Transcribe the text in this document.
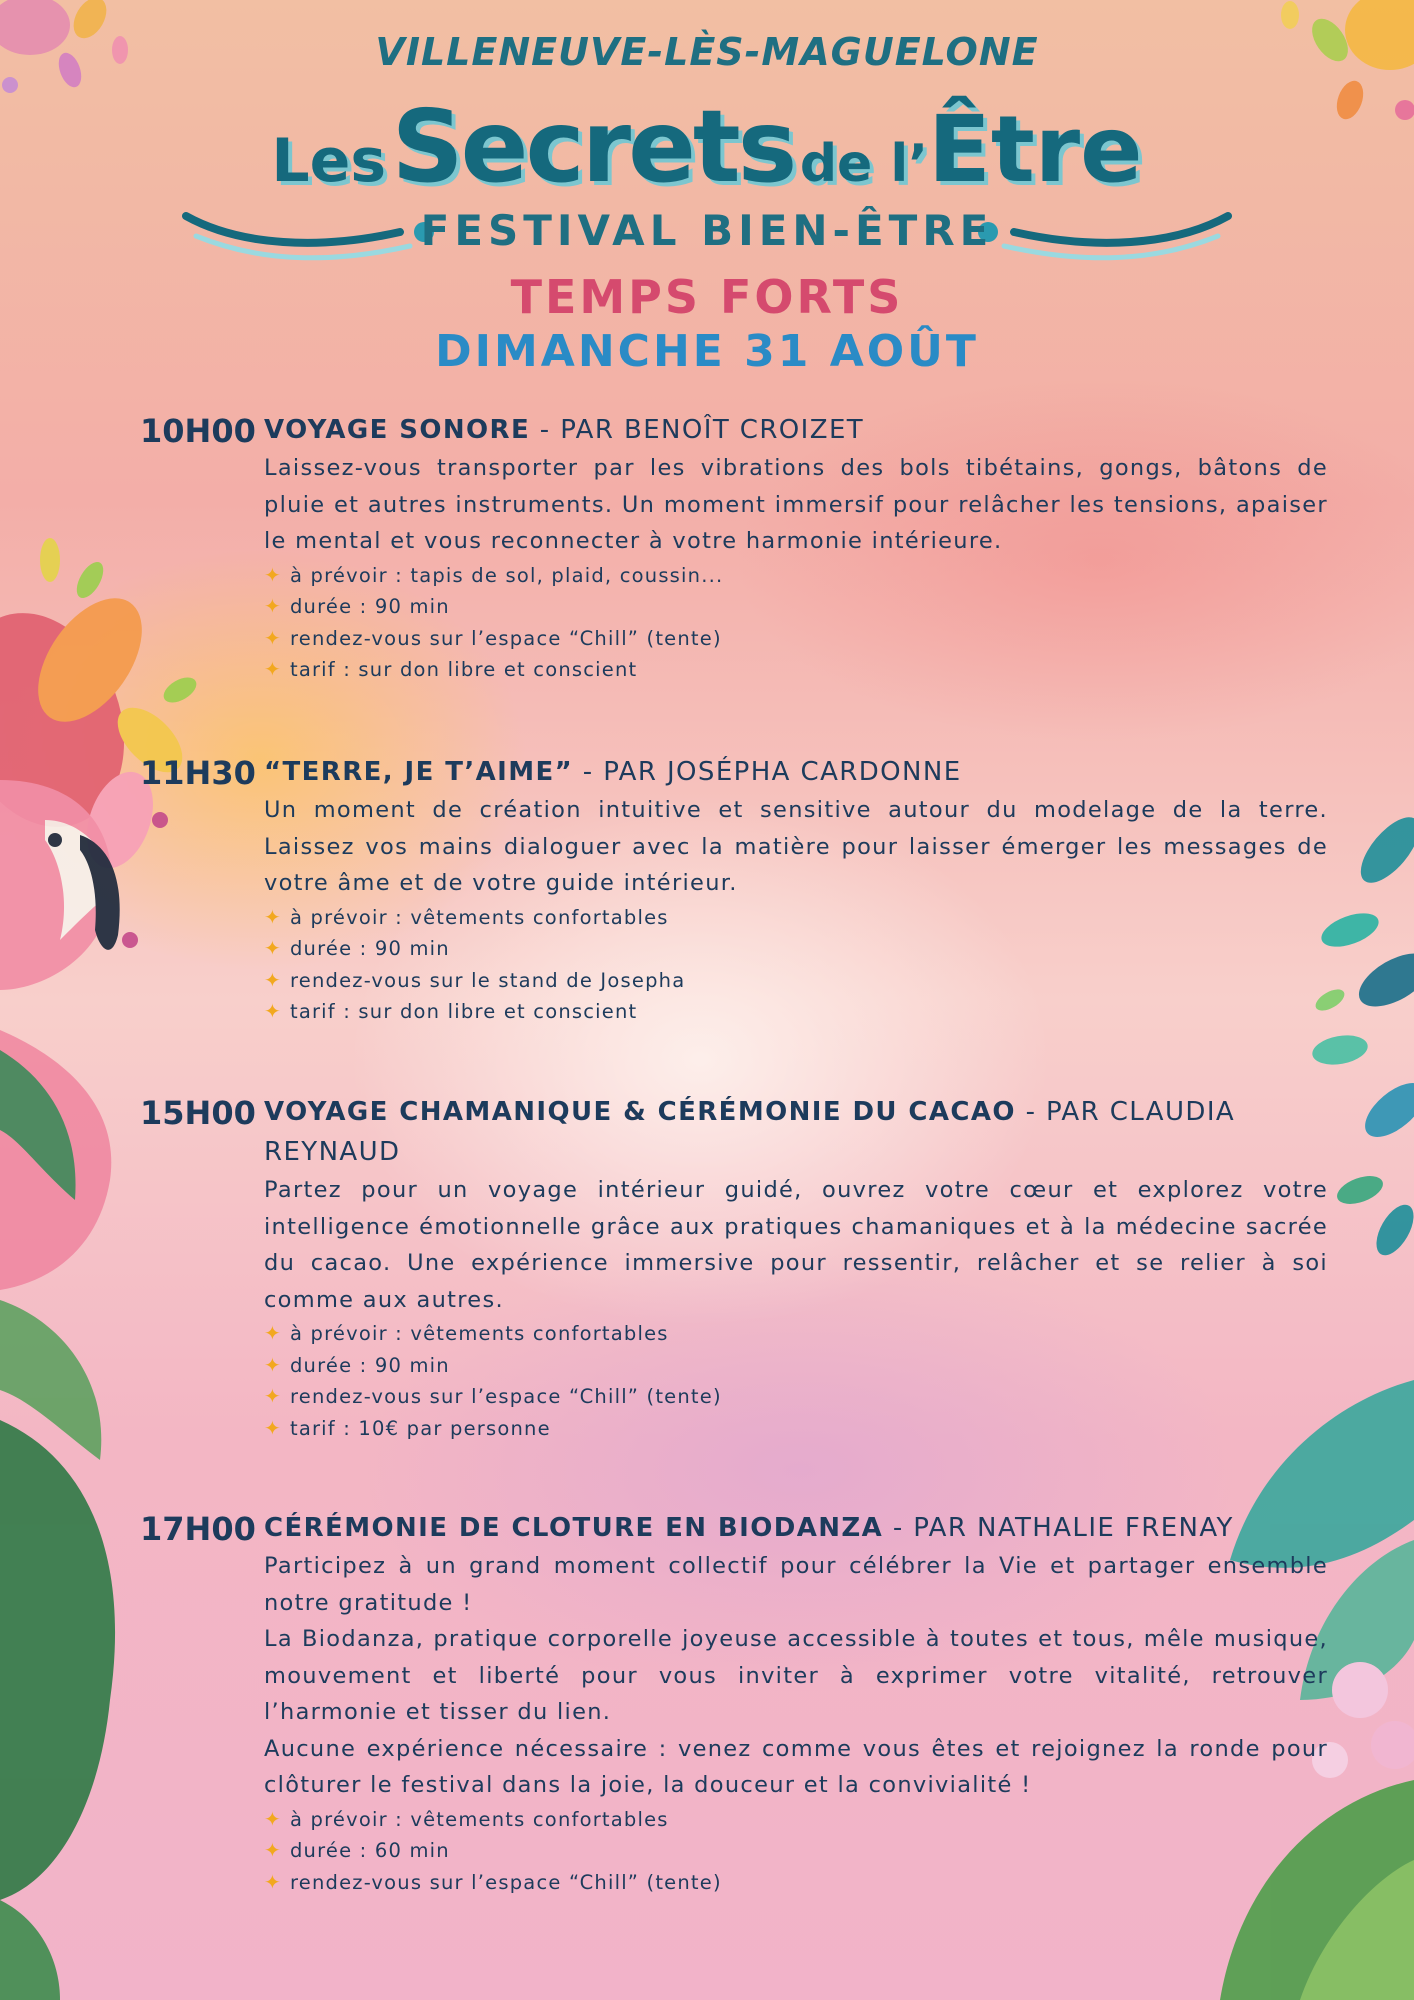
VILLENEUVE-LÈS-MAGUELONE
Les Secrets de l’Être
FESTIVAL BIEN-ÊTRE
TEMPS FORTS
DIMANCHE 31 AOÛT
10H00 VOYAGE SONORE - PAR BENOÎT CROIZET

Laissez-vous transporter par les vibrations des bols tibétains, gongs, bâtons de pluie et autres instruments. Un moment immersif pour relâcher les tensions, apaiser le mental et vous reconnecter à votre harmonie intérieure.

✦ à prévoir : tapis de sol, plaid, coussin...
✦ durée : 90 min
✦ rendez-vous sur l’espace “Chill” (tente)
✦ tarif : sur don libre et conscient
11H30 “TERRE, JE T’AIME” - PAR JOSÉPHA CARDONNE

Un moment de création intuitive et sensitive autour du modelage de la terre. Laissez vos mains dialoguer avec la matière pour laisser émerger les messages de votre âme et de votre guide intérieur.

✦ à prévoir : vêtements confortables
✦ durée : 90 min
✦ rendez-vous sur le stand de Josepha
✦ tarif : sur don libre et conscient
15H00 VOYAGE CHAMANIQUE & CÉRÉMONIE DU CACAO - PAR CLAUDIA REYNAUD

Partez pour un voyage intérieur guidé, ouvrez votre cœur et explorez votre intelligence émotionnelle grâce aux pratiques chamaniques et à la médecine sacrée du cacao. Une expérience immersive pour ressentir, relâcher et se relier à soi comme aux autres.

✦ à prévoir : vêtements confortables
✦ durée : 90 min
✦ rendez-vous sur l’espace “Chill” (tente)
✦ tarif : 10€ par personne
17H00 CÉRÉMONIE DE CLOTURE EN BIODANZA - PAR NATHALIE FRENAY

Participez à un grand moment collectif pour célébrer la Vie et partager ensemble notre gratitude !

La Biodanza, pratique corporelle joyeuse accessible à toutes et tous, mêle musique, mouvement et liberté pour vous inviter à exprimer votre vitalité, retrouver l’harmonie et tisser du lien.

Aucune expérience nécessaire : venez comme vous êtes et rejoignez la ronde pour clôturer le festival dans la joie, la douceur et la convivialité !

✦ à prévoir : vêtements confortables
✦ durée : 60 min
✦ rendez-vous sur l’espace “Chill” (tente)
